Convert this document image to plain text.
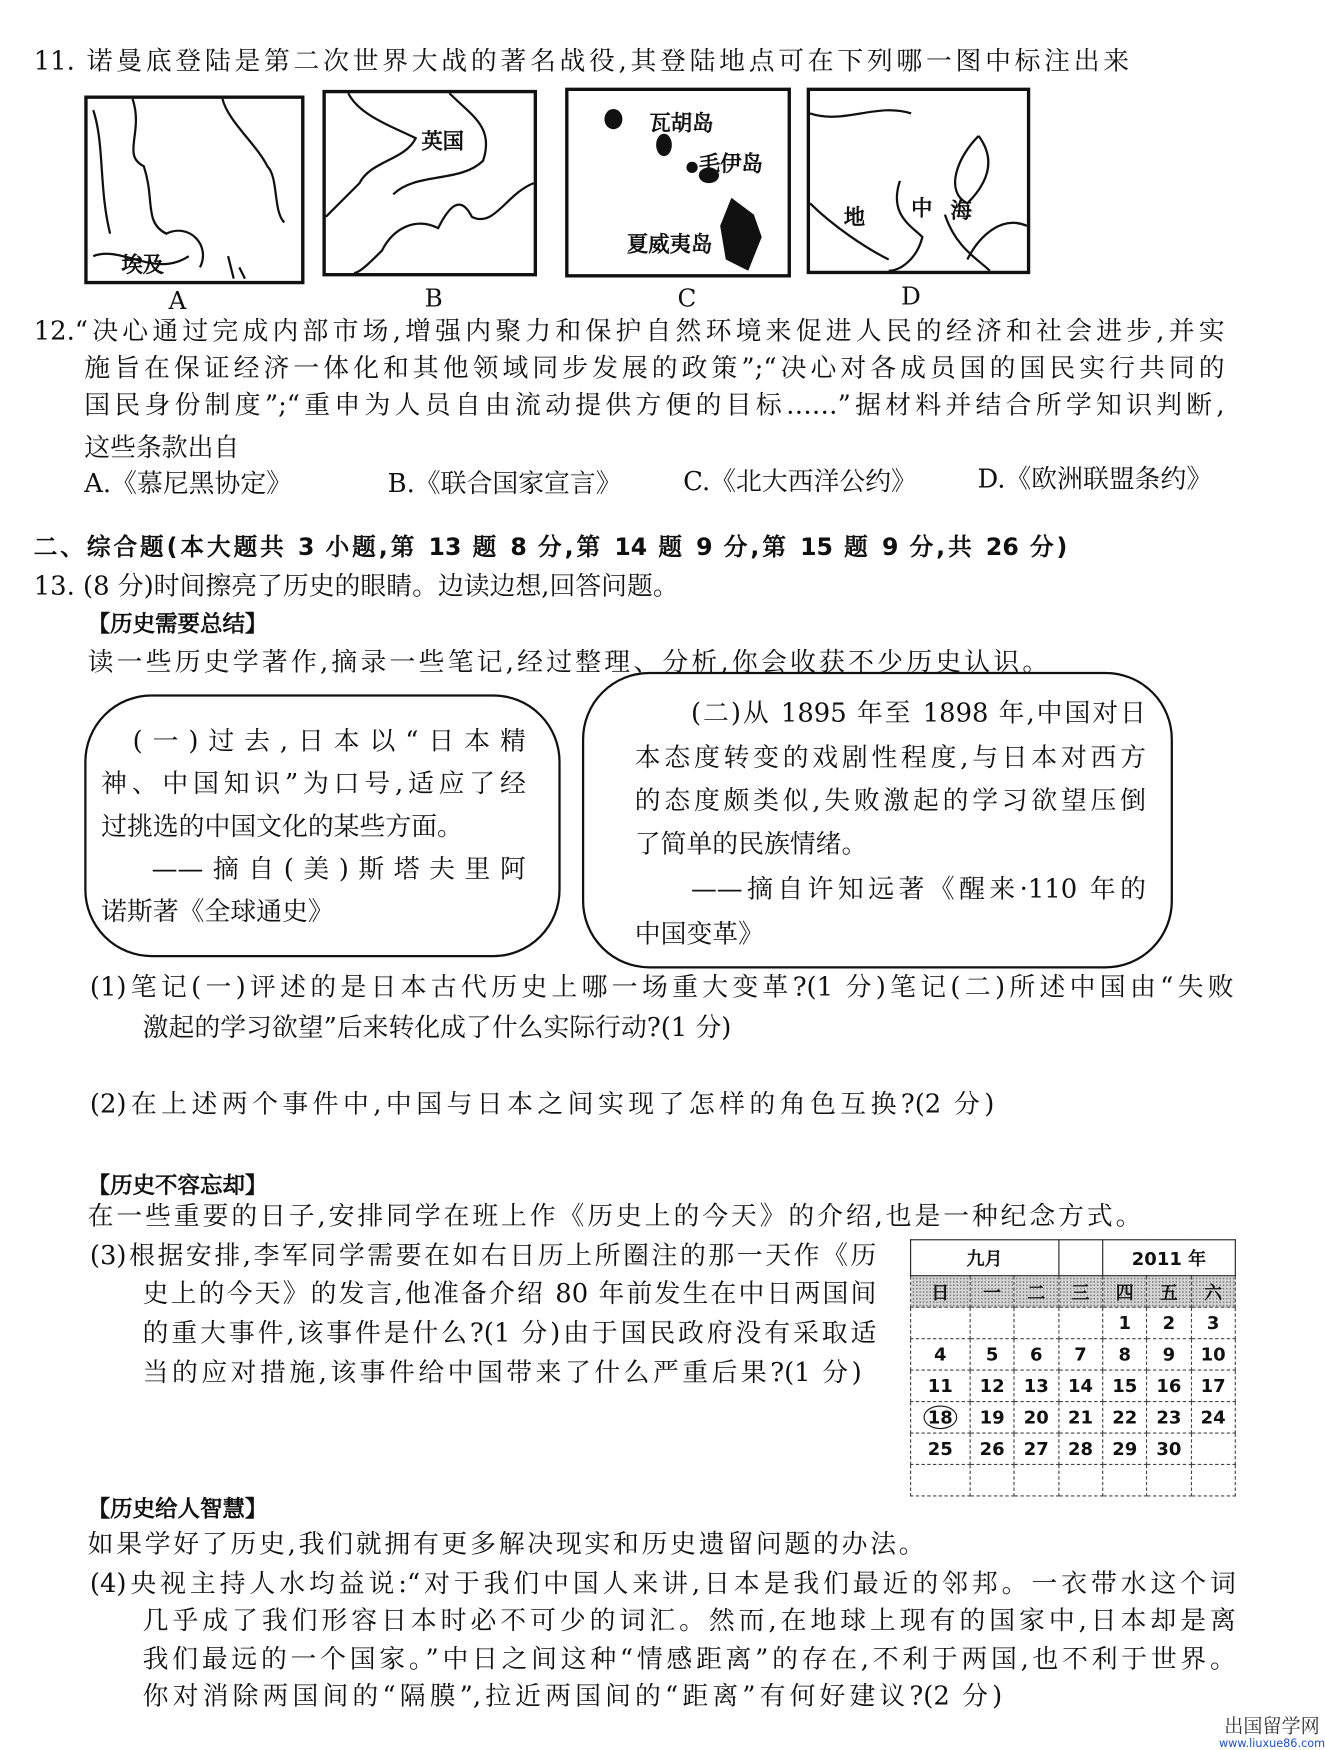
11. 诺曼底登陆是第二次世界大战的著名战役,其登陆地点可在下列哪一图中标注出来
埃及
英国
瓦胡岛
毛伊岛
夏威夷岛
地 中 海
A	B	C	D
12.“决心通过完成内部市场,增强内聚力和保护自然环境来促进人民的经济和社会进步,并实
施旨在保证经济一体化和其他领域同步发展的政策”;“决心对各成员国的国民实行共同的
国民身份制度”;“重申为人员自由流动提供方便的目标……”据材料并结合所学知识判断,
这些条款出自
A.《慕尼黑协定》	B.《联合国家宣言》	C.《北大西洋公约》	D.《欧洲联盟条约》
二、综合题(本大题共 3 小题,第 13 题 8 分,第 14 题 9 分,第 15 题 9 分,共 26 分)
13. (8 分)时间擦亮了历史的眼睛。边读边想,回答问题。
【历史需要总结】
读一些历史学著作,摘录一些笔记,经过整理、分析,你会收获不少历史认识。
(一)过去,日本以“日本精
神、中国知识”为口号,适应了经
过挑选的中国文化的某些方面。
——摘自(美)斯塔夫里阿
诺斯著《全球通史》
(二)从 1895 年至 1898 年,中国对日
本态度转变的戏剧性程度,与日本对西方
的态度颇类似,失败激起的学习欲望压倒
了简单的民族情绪。
——摘自许知远著《醒来·110 年的
中国变革》
(1)笔记(一)评述的是日本古代历史上哪一场重大变革?(1 分)笔记(二)所述中国由“失败
激起的学习欲望”后来转化成了什么实际行动?(1 分)
(2)在上述两个事件中,中国与日本之间实现了怎样的角色互换?(2 分)
【历史不容忘却】
在一些重要的日子,安排同学在班上作《历史上的今天》的介绍,也是一种纪念方式。
(3)根据安排,李军同学需要在如右日历上所圈注的那一天作《历
史上的今天》的发言,他准备介绍 80 年前发生在中日两国间
的重大事件,该事件是什么?(1 分)由于国民政府没有采取适
当的应对措施,该事件给中国带来了什么严重后果?(1 分)
九月				2011 年		
日	一	二	三	四	五	六
				1	2	3
4	5	6	7	8	9	10
11	12	13	14	15	16	17
18	19	20	21	22	23	24
25	26	27	28	29	30	

【历史给人智慧】
如果学好了历史,我们就拥有更多解决现实和历史遗留问题的办法。
(4)央视主持人水均益说:“对于我们中国人来讲,日本是我们最近的邻邦。一衣带水这个词
几乎成了我们形容日本时必不可少的词汇。然而,在地球上现有的国家中,日本却是离
我们最远的一个国家。”中日之间这种“情感距离”的存在,不利于两国,也不利于世界。
你对消除两国间的“隔膜”,拉近两国间的“距离”有何好建议?(2 分)
出国留学网
www.liuxue86.com
